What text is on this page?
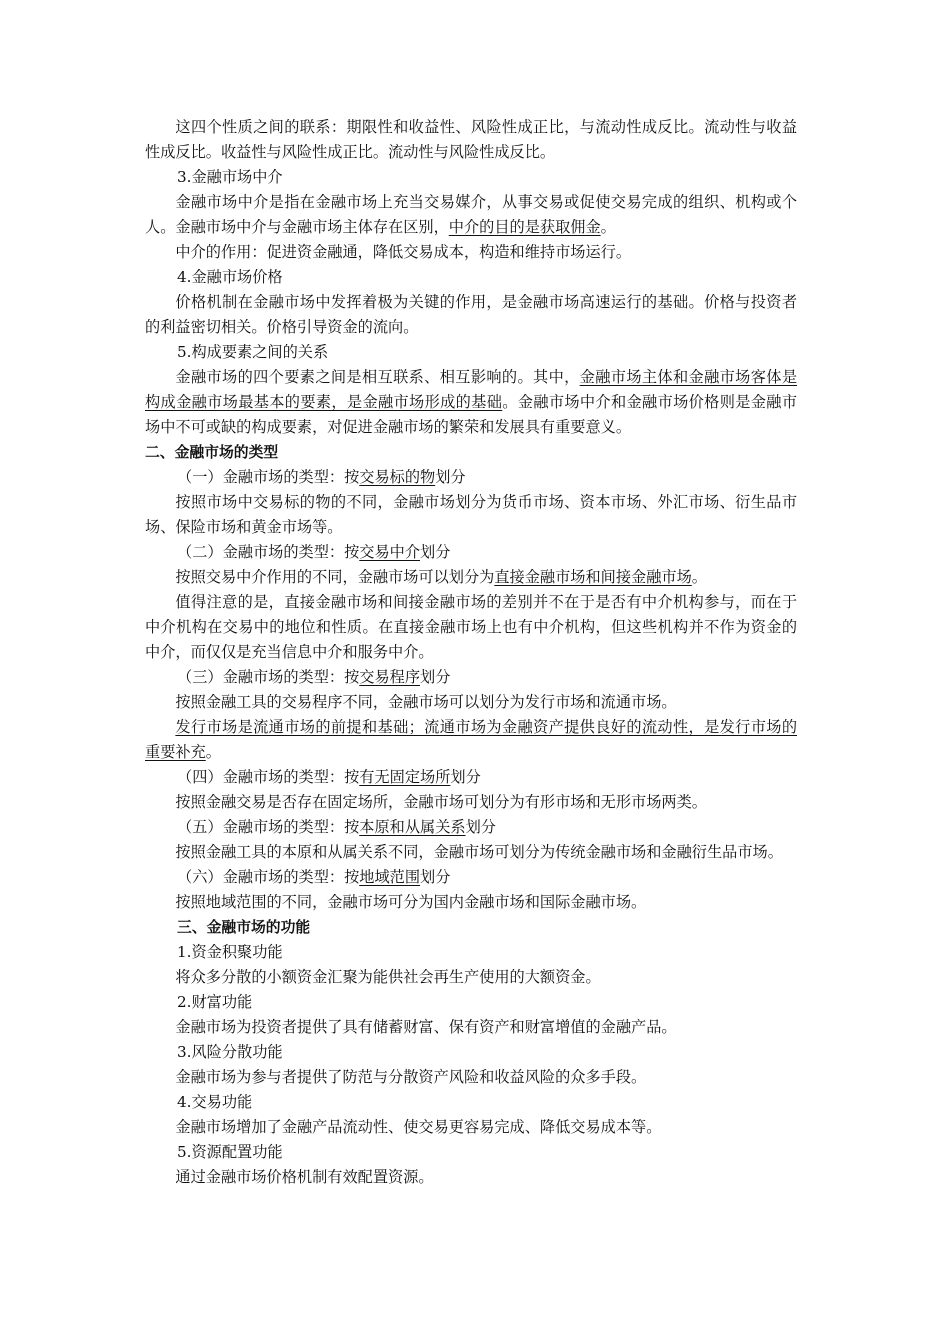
这四个性质之间的联系：期限性和收益性、风险性成正比，与流动性成反比。流动性与收益性成反比。收益性与风险性成正比。流动性与风险性成反比。

3.金融市场中介

金融市场中介是指在金融市场上充当交易媒介，从事交易或促使交易完成的组织、机构或个人。金融市场中介与金融市场主体存在区别，中介的目的是获取佣金。

中介的作用：促进资金融通，降低交易成本，构造和维持市场运行。

4.金融市场价格

价格机制在金融市场中发挥着极为关键的作用，是金融市场高速运行的基础。价格与投资者的利益密切相关。价格引导资金的流向。

5.构成要素之间的关系

金融市场的四个要素之间是相互联系、相互影响的。其中，金融市场主体和金融市场客体是构成金融市场最基本的要素，是金融市场形成的基础。金融市场中介和金融市场价格则是金融市场中不可或缺的构成要素，对促进金融市场的繁荣和发展具有重要意义。

二、金融市场的类型

（一）金融市场的类型：按交易标的物划分

按照市场中交易标的物的不同，金融市场划分为货币市场、资本市场、外汇市场、衍生品市场、保险市场和黄金市场等。

（二）金融市场的类型：按交易中介划分

按照交易中介作用的不同，金融市场可以划分为直接金融市场和间接金融市场。

值得注意的是，直接金融市场和间接金融市场的差别并不在于是否有中介机构参与，而在于中介机构在交易中的地位和性质。在直接金融市场上也有中介机构，但这些机构并不作为资金的中介，而仅仅是充当信息中介和服务中介。

（三）金融市场的类型：按交易程序划分

按照金融工具的交易程序不同，金融市场可以划分为发行市场和流通市场。

发行市场是流通市场的前提和基础；流通市场为金融资产提供良好的流动性，是发行市场的重要补充。

（四）金融市场的类型：按有无固定场所划分

按照金融交易是否存在固定场所，金融市场可划分为有形市场和无形市场两类。

（五）金融市场的类型：按本原和从属关系划分

按照金融工具的本原和从属关系不同，金融市场可划分为传统金融市场和金融衍生品市场。

（六）金融市场的类型：按地域范围划分

按照地域范围的不同，金融市场可分为国内金融市场和国际金融市场。

三、金融市场的功能

1.资金积聚功能

将众多分散的小额资金汇聚为能供社会再生产使用的大额资金。

2.财富功能

金融市场为投资者提供了具有储蓄财富、保有资产和财富增值的金融产品。

3.风险分散功能

金融市场为参与者提供了防范与分散资产风险和收益风险的众多手段。

4.交易功能

金融市场增加了金融产品流动性、使交易更容易完成、降低交易成本等。

5.资源配置功能

通过金融市场价格机制有效配置资源。
